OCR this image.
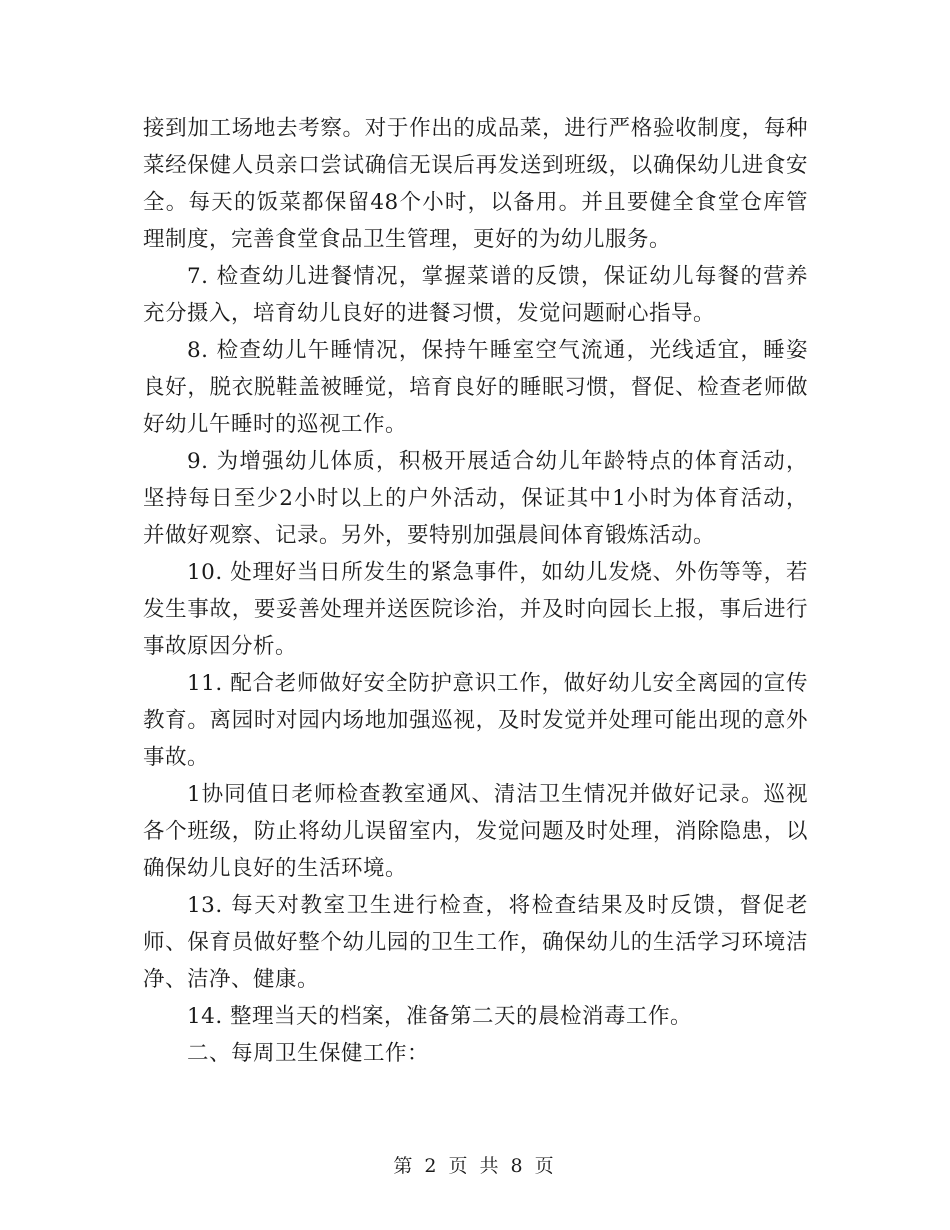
接到加工场地去考察。对于作出的成品菜，进行严格验收制度，每种菜经保健人员亲口尝试确信无误后再发送到班级，以确保幼儿进食安全。每天的饭菜都保留48个小时，以备用。并且要健全食堂仓库管理制度，完善食堂食品卫生管理，更好的为幼儿服务。

7. 检查幼儿进餐情况，掌握菜谱的反馈，保证幼儿每餐的营养充分摄入，培育幼儿良好的进餐习惯，发觉问题耐心指导。

8. 检查幼儿午睡情况，保持午睡室空气流通，光线适宜，睡姿良好，脱衣脱鞋盖被睡觉，培育良好的睡眠习惯，督促、检查老师做好幼儿午睡时的巡视工作。

9. 为增强幼儿体质，积极开展适合幼儿年龄特点的体育活动，坚持每日至少2小时以上的户外活动，保证其中1小时为体育活动，并做好观察、记录。另外，要特别加强晨间体育锻炼活动。

10. 处理好当日所发生的紧急事件，如幼儿发烧、外伤等等，若发生事故，要妥善处理并送医院诊治，并及时向园长上报，事后进行事故原因分析。

11. 配合老师做好安全防护意识工作，做好幼儿安全离园的宣传教育。离园时对园内场地加强巡视，及时发觉并处理可能出现的意外事故。

1协同值日老师检查教室通风、清洁卫生情况并做好记录。巡视各个班级，防止将幼儿误留室内，发觉问题及时处理，消除隐患，以确保幼儿良好的生活环境。

13. 每天对教室卫生进行检查，将检查结果及时反馈，督促老师、保育员做好整个幼儿园的卫生工作，确保幼儿的生活学习环境洁净、洁净、健康。

14. 整理当天的档案，准备第二天的晨检消毒工作。

二、每周卫生保健工作：

第 2 页 共 8 页
